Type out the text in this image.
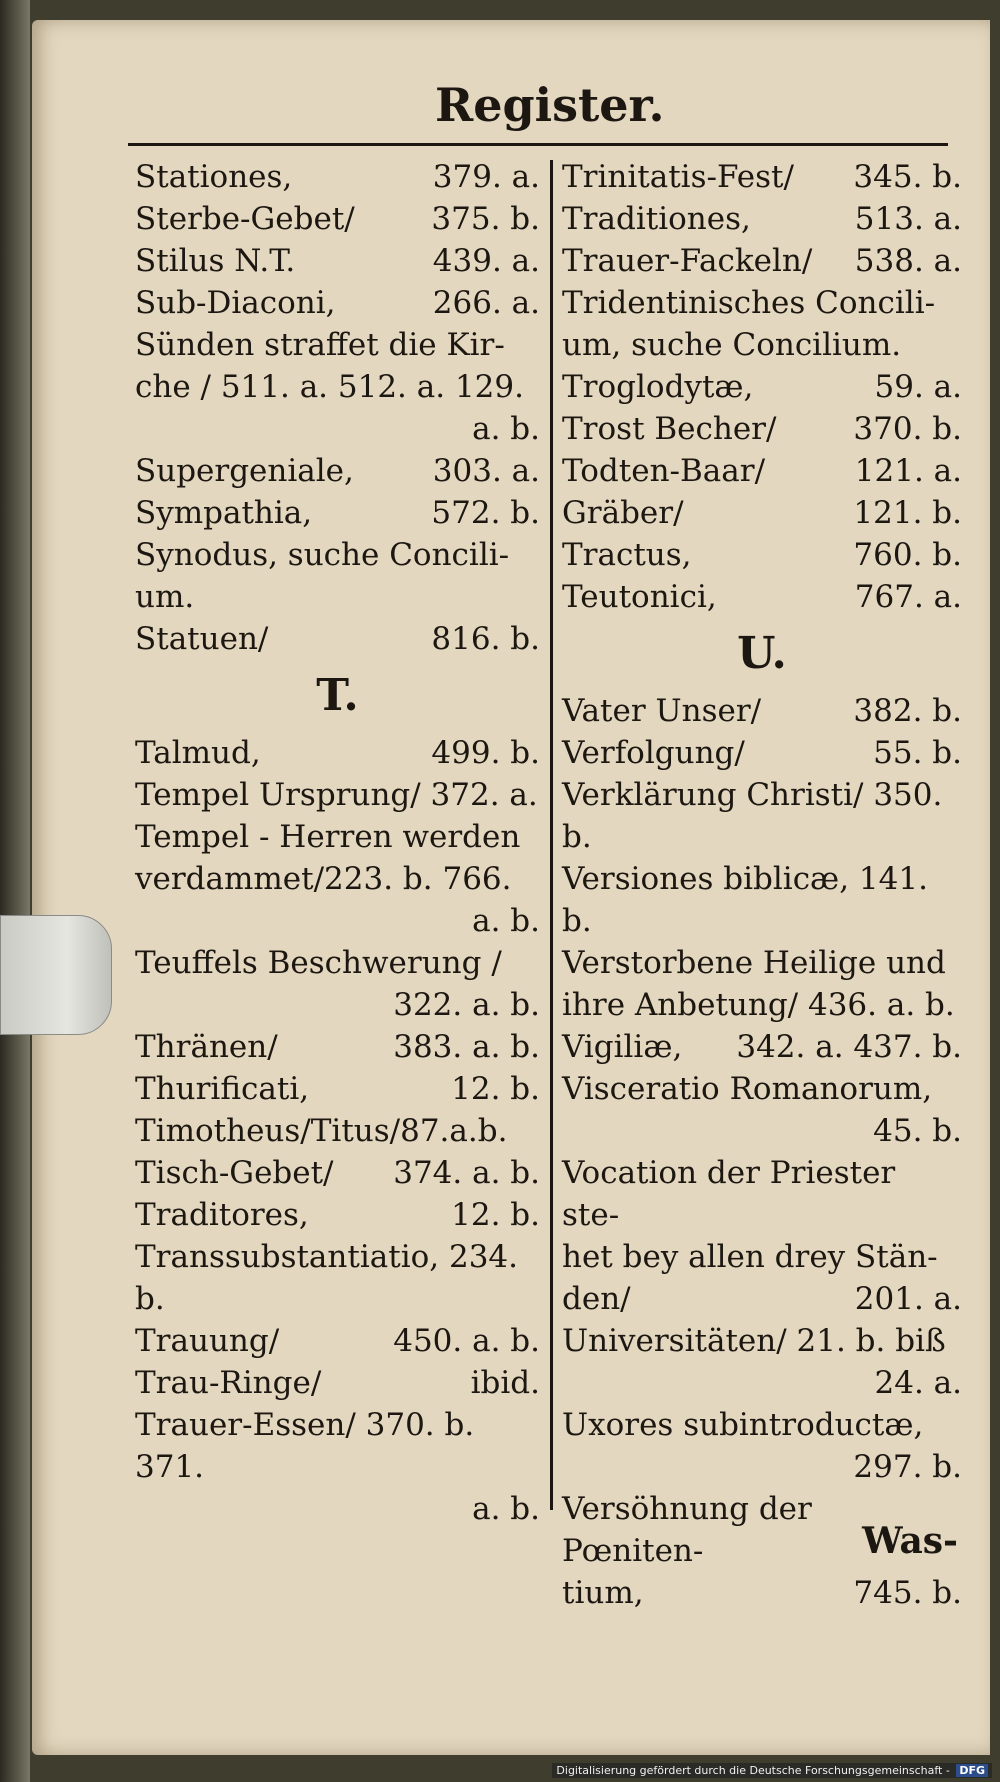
Register.
Stationes,	379. a.
Sterbe-Gebet/	375. b.
Stilus N.T.	439. a.
Sub-Diaconi,	266. a.
Sünden straffet die Kir-
che / 511. a. 512. a. 129.

a. b.
Supergeniale,	303. a.
Sympathia,	572. b.
Synodus, suche Concili-
um.
Statuen/	816. b.
T.
Talmud,	499. b.
Tempel Ursprung/ 372. a.
Tempel - Herren werden
verdammet/223. b. 766.

a. b.
Teuffels Beschwerung /

322. a. b.
Thränen/	383. a. b.
Thurificati,	12. b.
Timotheus/Titus/87.a.b.
Tisch-Gebet/	374. a. b.
Traditores,	12. b.
Transsubstantiatio, 234.
b.
Trauung/	450. a. b.
Trau-Ringe/	ibid.
Trauer-Essen/ 370. b. 371.

a. b.
Trinitatis-Fest/	345. b.
Traditiones,	513. a.
Trauer-Fackeln/	538. a.
Tridentinisches Concili-
um, suche Concilium.
Troglodytæ,	59. a.
Trost Becher/	370. b.
Todten-Baar/	121. a.
Gräber/	121. b.
Tractus,	760. b.
Teutonici,	767. a.
U.
Vater Unser/	382. b.
Verfolgung/	55. b.
Verklärung Christi/ 350. b.
Versiones biblicæ, 141. b.
Verstorbene Heilige und
ihre Anbetung/ 436. a. b.
Vigiliæ,	342. a. 437. b.
Visceratio Romanorum,

45. b.
Vocation der Priester ste-
het bey allen drey Stän-
den/	201. a.
Universitäten/ 21. b. biß

24. a.
Uxores subintroductæ,

297. b.
Versöhnung der Pœniten-
tium,	745. b.
Was-
Digitalisierung gefördert durch die Deutsche Forschungsgemeinschaft - DFG
